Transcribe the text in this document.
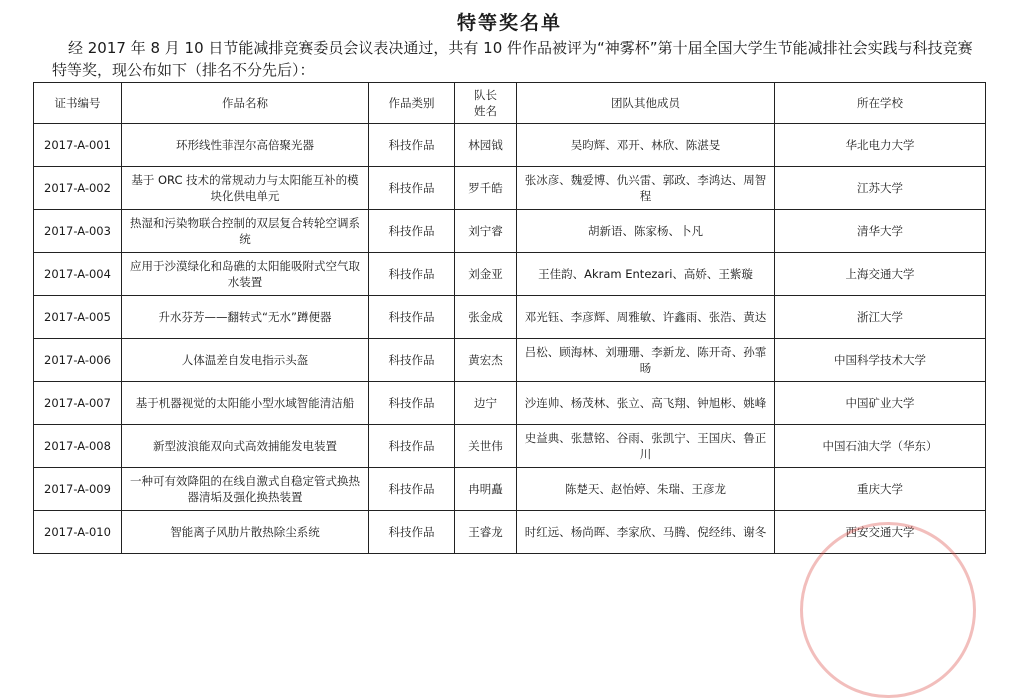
特等奖名单
经 2017 年 8 月 10 日节能减排竞赛委员会议表决通过，共有 10 件作品被评为“神雾杯”第十届全国大学生节能减排社会实践与科技竞赛特等奖，现公布如下（排名不分先后）：
证书编号	作品名称	作品类别	队长姓名	团队其他成员	所在学校
2017-A-001	环形线性菲涅尔高倍聚光器	科技作品	林园钺	吴昀辉、邓开、林欣、陈湛旻	华北电力大学
2017-A-002	基于 ORC 技术的常规动力与太阳能互补的模块化供电单元	科技作品	罗千皓	张冰彦、魏爱博、仇兴雷、郭政、李鸿达、周智程	江苏大学
2017-A-003	热湿和污染物联合控制的双层复合转轮空调系统	科技作品	刘宁睿	胡新语、陈家杨、卜凡	清华大学
2017-A-004	应用于沙漠绿化和岛礁的太阳能吸附式空气取水装置	科技作品	刘金亚	王佳韵、Akram Entezari、高娇、王紫璇	上海交通大学
2017-A-005	升水芬芳——翻转式“无水”蹲便器	科技作品	张金成	邓光钰、李彦辉、周雅敏、许鑫雨、张浩、黄达	浙江大学
2017-A-006	人体温差自发电指示头盔	科技作品	黄宏杰	吕松、顾海林、刘珊珊、李新龙、陈开奇、孙霏旸	中国科学技术大学
2017-A-007	基于机器视觉的太阳能小型水域智能清洁船	科技作品	边宁	沙连帅、杨茂林、张立、高飞翔、钟旭彬、姚峰	中国矿业大学
2017-A-008	新型波浪能双向式高效捕能发电装置	科技作品	关世伟	史益典、张慧铭、谷雨、张凯宁、王国庆、鲁正川	中国石油大学（华东）
2017-A-009	一种可有效降阻的在线自激式自稳定管式换热器清垢及强化换热装置	科技作品	冉明矗	陈楚天、赵怡婷、朱瑞、王彦龙	重庆大学
2017-A-010	智能离子风肋片散热除尘系统	科技作品	王睿龙	时红远、杨尚晖、李家欣、马腾、倪经纬、谢冬	西安交通大学
